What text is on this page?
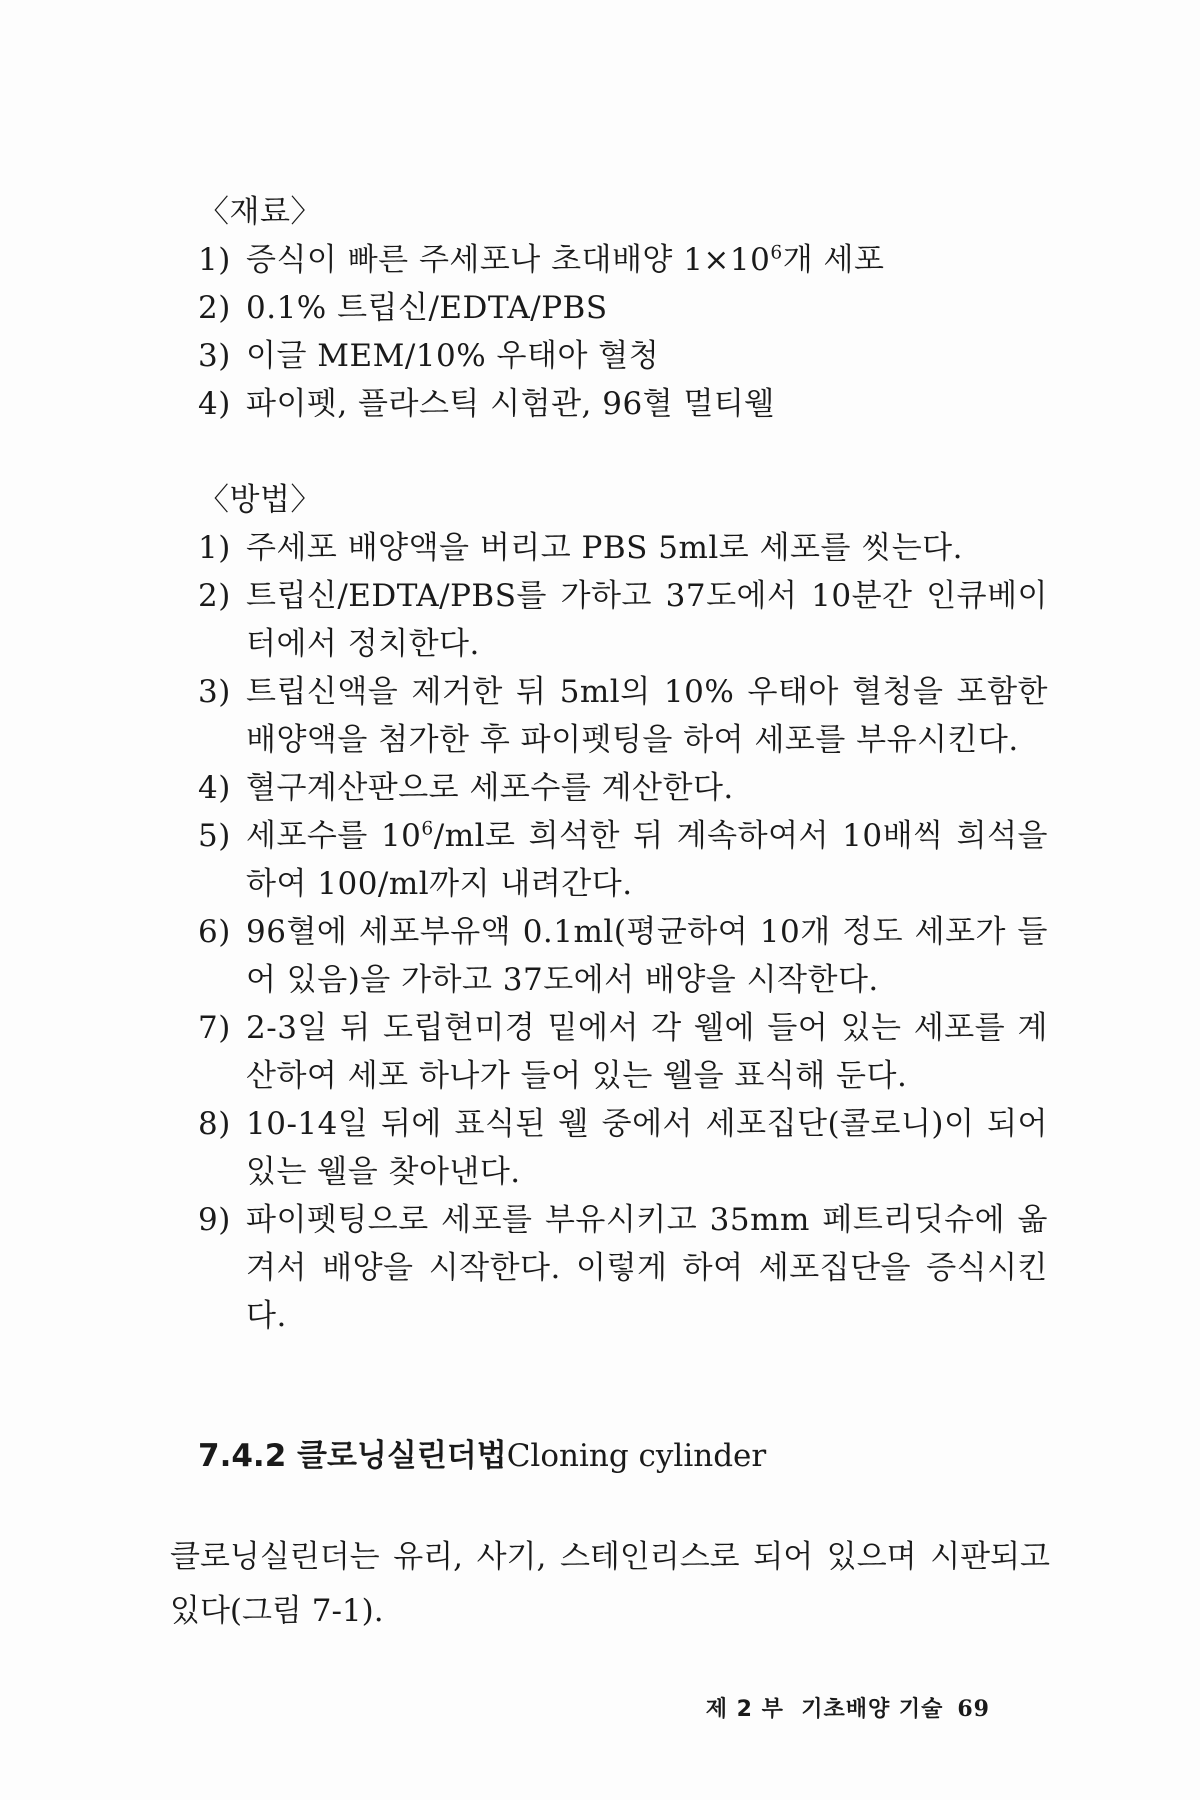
〈재료〉

1) 증식이 빠른 주세포나 초대배양 $1\times 10^6$개 세포
2) 0.1% 트립신/EDTA/PBS
3) 이글 MEM/10% 우태아 혈청
4) 파이펫, 플라스틱 시험관, 96혈 멀티웰

〈방법〉

1) 주세포 배양액을 버리고 PBS 5ml로 세포를 씻는다.
2) 트립신/EDTA/PBS를 가하고 37도에서 10분간 인큐베이터에서 정치한다.
3) 트립신액을 제거한 뒤 5ml의 10% 우태아 혈청을 포함한 배양액을 첨가한 후 파이펫팅을 하여 세포를 부유시킨다.
4) 혈구계산판으로 세포수를 계산한다.
5) 세포수를 $10^6/ml$로 희석한 뒤 계속하여서 10배씩 희석을 하여 100/ml까지 내려간다.
6) 96혈에 세포부유액 0.1ml(평균하여 10개 정도 세포가 들어 있음)을 가하고 37도에서 배양을 시작한다.
7) 2-3일 뒤 도립현미경 밑에서 각 웰에 들어 있는 세포를 계산하여 세포 하나가 들어 있는 웰을 표식해 둔다.
8) 10-14일 뒤에 표식된 웰 중에서 세포집단(콜로니)이 되어 있는 웰을 찾아낸다.
9) 파이펫팅으로 세포를 부유시키고 35mm 페트리딧슈에 옮겨서 배양을 시작한다. 이렇게 하여 세포집단을 증식시킨다.
7.4.2 클로닝실린더법Cloning cylinder

클로닝실린더는 유리, 사기, 스테인리스로 되어 있으며 시판되고 있다(그림 7-1).

제 2 부  기초배양 기술 69
